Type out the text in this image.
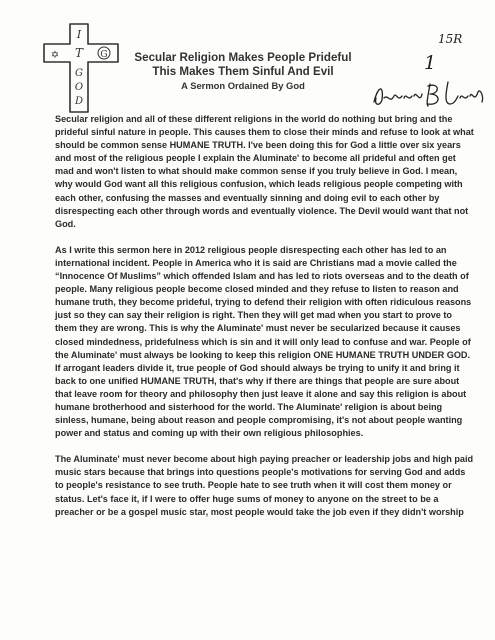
I
T
G
O
D
✡	G	Secular Religion Makes People Prideful
This Makes Them Sinful And Evil
A Sermon Ordained By God
15R
1

Secular religion and all of these different religions in the world do nothing but bring and the prideful sinful nature in people. This causes them to close their minds and refuse to look at what should be common sense HUMANE TRUTH. I've been doing this for God a little over six years and most of the religious people I explain the Aluminate' to become all prideful and often get mad and won't listen to what should make common sense if you truly believe in God. I mean, why would God want all this religious confusion, which leads religious people competing with each other, confusing the masses and eventually sinning and doing evil to each other by disrespecting each other through words and eventually violence. The Devil would want that not God.

As I write this sermon here in 2012 religious people disrespecting each other has led to an international incident. People in America who it is said are Christians mad a movie called the “Innocence Of Muslims” which offended Islam and has led to riots overseas and to the death of people. Many religious people become closed minded and they refuse to listen to reason and humane truth, they become prideful, trying to defend their religion with often ridiculous reasons just so they can say their religion is right. Then they will get mad when you start to prove to them they are wrong. This is why the Aluminate' must never be secularized because it causes closed mindedness, pridefulness which is sin and it will only lead to confuse and war. People of the Aluminate' must always be looking to keep this religion ONE HUMANE TRUTH UNDER GOD. If arrogant leaders divide it, true people of God should always be trying to unify it and bring it back to one unified HUMANE TRUTH, that's why if there are things that people are sure about that leave room for theory and philosophy then just leave it alone and say this religion is about humane brotherhood and sisterhood for the world. The Aluminate' religion is about being sinless, humane, being about reason and people compromising, it's not about people wanting power and status and coming up with their own religious philosophies.

The Aluminate' must never become about high paying preacher or leadership jobs and high paid music stars because that brings into questions people's motivations for serving God and adds to people's resistance to see truth. People hate to see truth when it will cost them money or status. Let's face it, if I were to offer huge sums of money to anyone on the street to be a preacher or be a gospel music star, most people would take the job even if they didn't worship
